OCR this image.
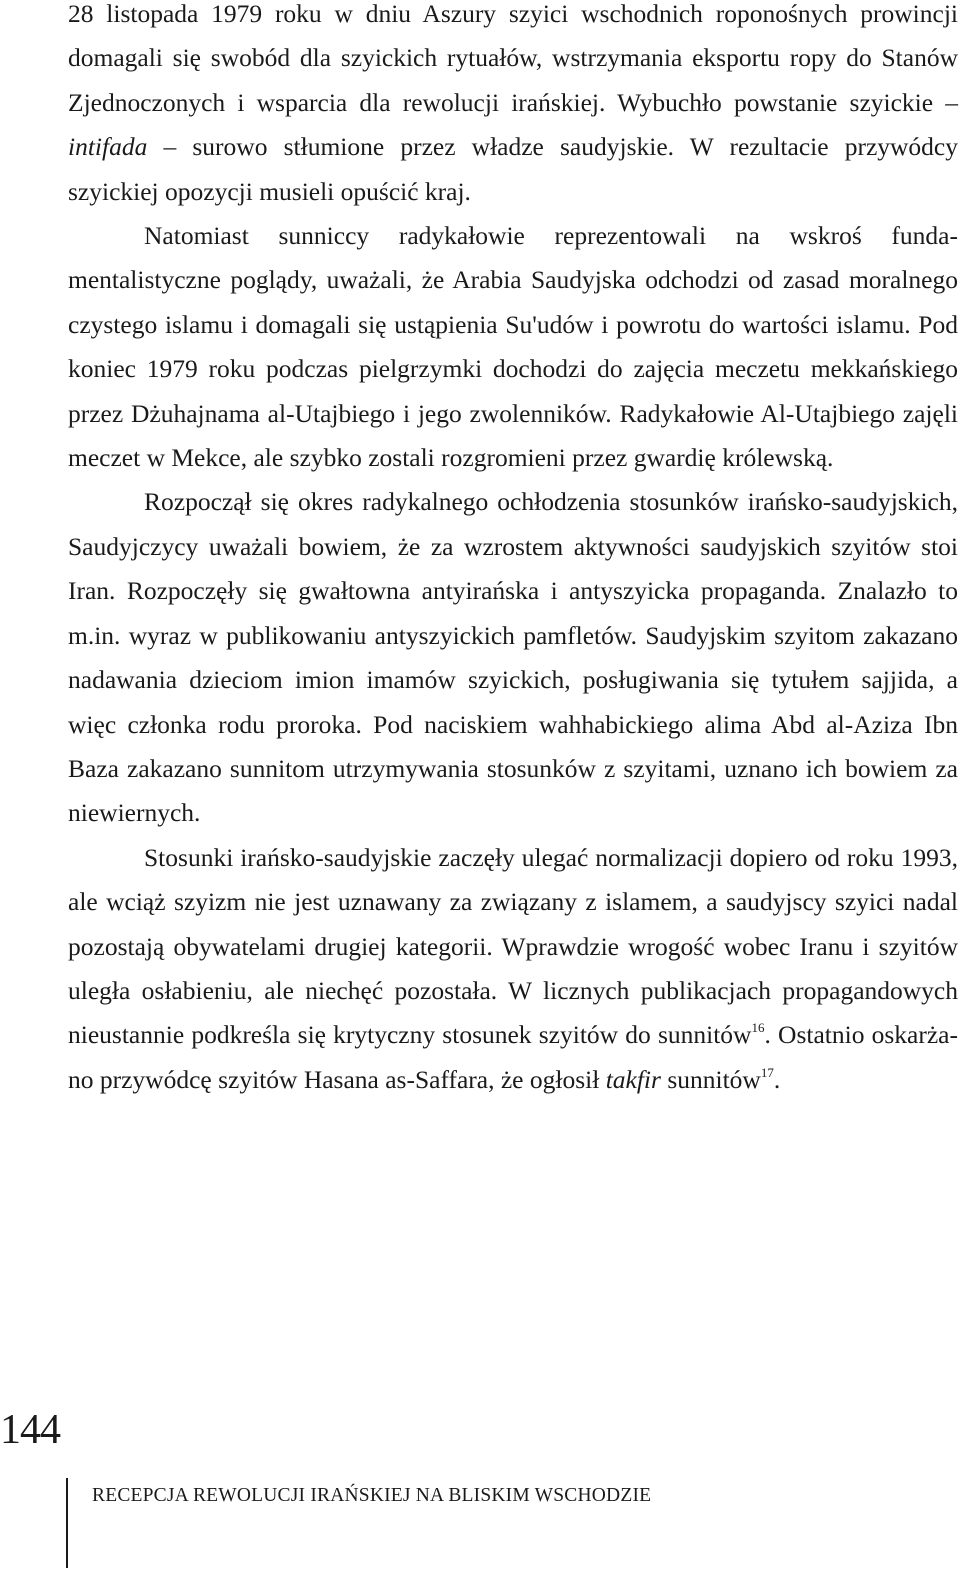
28 listopada 1979 roku w dniu Aszury szyici wschodnich roponośnych prowincji domagali się swobód dla szyickich rytuałów, wstrzymania eksportu ropy do Stanów Zjednoczonych i wsparcia dla rewolucji irańskiej. Wybuchło powstanie szyickie – intifada – surowo stłumione przez władze saudyjskie. W rezultacie przywódcy szyickiej opozycji musieli opuścić kraj.

Natomiast sunniccy radykałowie reprezentowali na wskroś fundamentalistyczne poglądy, uważali, że Arabia Saudyjska odchodzi od zasad moralnego czystego islamu i domagali się ustąpienia Su'udów i powrotu do wartości islamu. Pod koniec 1979 roku podczas pielgrzymki dochodzi do zajęcia meczetu mekkańskiego przez Dżuhajnama al-Utajbiego i jego zwolenników. Radykałowie Al-Utajbiego zajęli meczet w Mekce, ale szybko zostali rozgromieni przez gwardię królewską.

Rozpoczął się okres radykalnego ochłodzenia stosunków irańsko-saudyjskich, Saudyjczycy uważali bowiem, że za wzrostem aktywności saudyjskich szyitów stoi Iran. Rozpoczęły się gwałtowna antyirańska i antyszyicka propaganda. Znalazło to m.in. wyraz w publikowaniu antyszyickich pamfletów. Saudyjskim szyitom zakazano nadawania dzieciom imion imamów szyickich, posługiwania się tytułem sajjida, a więc członka rodu proroka. Pod naciskiem wahhabickiego alima Abd al-Aziza Ibn Baza zakazano sunnitom utrzymywania stosunków z szyitami, uznano ich bowiem za niewiernych.

Stosunki irańsko-saudyjskie zaczęły ulegać normalizacji dopiero od roku 1993, ale wciąż szyizm nie jest uznawany za związany z islamem, a saudyjscy szyici nadal pozostają obywatelami drugiej kategorii. Wprawdzie wrogość wobec Iranu i szyitów uległa osłabieniu, ale niechęć pozostała. W licznych publikacjach propagandowych nieustannie podkreśla się krytyczny stosunek szyitów do sunnitów$^{16}$. Ostatnio oskarżano przywódcę szyitów Hasana as-Saffara, że ogłosił takfir sunnitów$^{17}$.

144
RECEPCJA REWOLUCJI IRAŃSKIEJ NA BLISKIM WSCHODZIE
